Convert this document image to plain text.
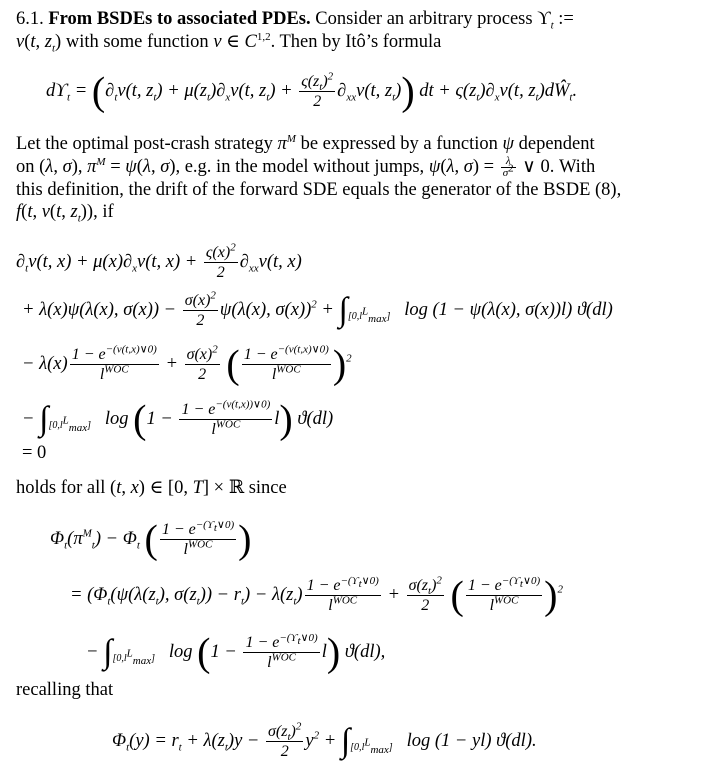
6.1. From BSDEs to associated PDEs. Consider an arbitrary process $ϒ_t$ :=
v(t, $z_t$) with some function v ∈ C$^{1,2}$. Then by Itô’s formula
$dϒ_t = (\partial_tv(t$, $z_t) + \mu(z_t)\partial_xv(t$, $z_t) + \frac{\varsigma(z_t)^2}{2} \partial_{xx}v(t$, $z_t$)) dt + $\varsigma(z_t)\partial_xv(t$, $z_t)dŴ_t$.
Let the optimal post-crash strategy $\pi^M$ be expressed by a function ψ dependent
on (λ, σ), $\pi^M = \psi(\lambda$, σ), e.g. in the model without jumps, ψ(λ, $\sigma) = \frac{\lambda}{\sigma^2}$ ∨ 0. With
this definition, the drift of the forward SDE equals the generator of the BSDE (8),
f(t, v(t, $z_t$)), if
$\partial_tv(t$, $x) + \mu(x)\partial_xv(t$, $x) + \frac{\varsigma(x)^2}{2} \partial_{xx}v(t$, x)
+ λ(x)ψ(λ(x), $\sigma(x)) - \frac{\sigma(x)^2}{2} \psi(\lambda(x)$, $\sigma(x))^2 + \int_{[0,l^L_{max}]}$   log (1 − ψ(λ(x), σ(x))l) ϑ(dl)
− $\lambda(x) \frac{1 - e^{-(v(t,x)\vee 0)}}{l^{WOC}} + \frac{\sigma(x)^2}{2}$ ( $\frac{1 - e^{-(v(t,x)\vee 0)}}{l^{WOC}} )^2$
− $\int_{[0,l^L_{max}]}$   $\log (1 - \frac{1 - e^{-(v(t,x))\vee 0)}}{l^{WOC}} l)$ ϑ(dl)
= 0
holds for all (t, x) ∈ [0, T] × ℝ since
$\Phi_t(\pi^M_t) - \Phi_t$ ( $\frac{1 - e^{-(ϒ_t\vee 0)}}{l^{WOC}}$ )
= ($\Phi_t(\psi(\lambda(z_t)$, $\sigma(z_t)) - r_t) - \lambda(z_t) \frac{1 - e^{-(ϒ_t\vee 0)}}{l^{WOC}} + \frac{\sigma(z_t)^2}{2}$ ( $\frac{1 - e^{-(ϒ_t\vee 0)}}{l^{WOC}} )^2$
− $\int_{[0,l^L_{max}]}$   $\log (1 - \frac{1 - e^{-(ϒ_t\vee 0)}}{l^{WOC}} l)$ ϑ(dl),
recalling that
$\Phi_t(y) = r_t + \lambda(z_t)y - \frac{\sigma(z_t)^2}{2} y^2 + \int_{[0,l^L_{max}]}$   log (1 − yl) ϑ(dl).
